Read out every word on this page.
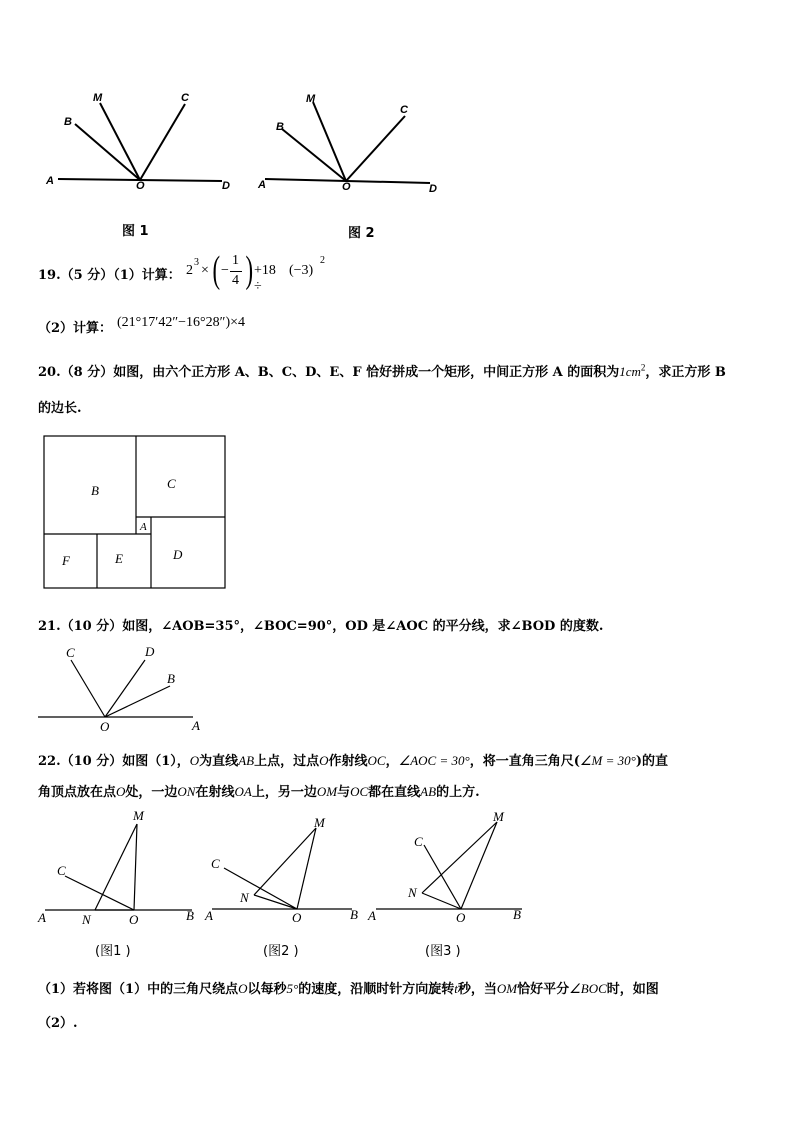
B
M	C
A	O	D
B
M
C
A	O	D
图 1	图 2
19.（5 分）（1）计算： 2
3
× ( −
1
4 ) +18 ÷
(−3)
2
（2）计算： (21°17′42″−16°28″)×4
20.（8 分）如图，由六个正方形 A、B、C、D、E、F 恰好拼成一个矩形，中间正方形 A 的面积为$1cm^2$，求正方形 B
的边长.
B	C
A
F	E	D
21.（10 分）如图，∠AOB=35°，∠BOC=90°，OD 是∠AOC 的平分线，求∠BOD 的度数.
C	D
B
O	A
22.（10 分）如图（1），O为直线AB上点，过点O作射线OC，∠AOC = 30°，将一直角三角尺(∠M = 30°)的直
角顶点放在点O处，一边ON在射线OA上，另一边OM与OC都在直线AB的上方.
M
C
A	N	O	B
M
C
N
A	O	B
C
M
N
A	O	B
(图1 )	(图2 )	(图3 )
（1）若将图（1）中的三角尺绕点O以每秒5°的速度，沿顺时针方向旋转t秒，当OM恰好平分∠BOC时，如图
（2）.
